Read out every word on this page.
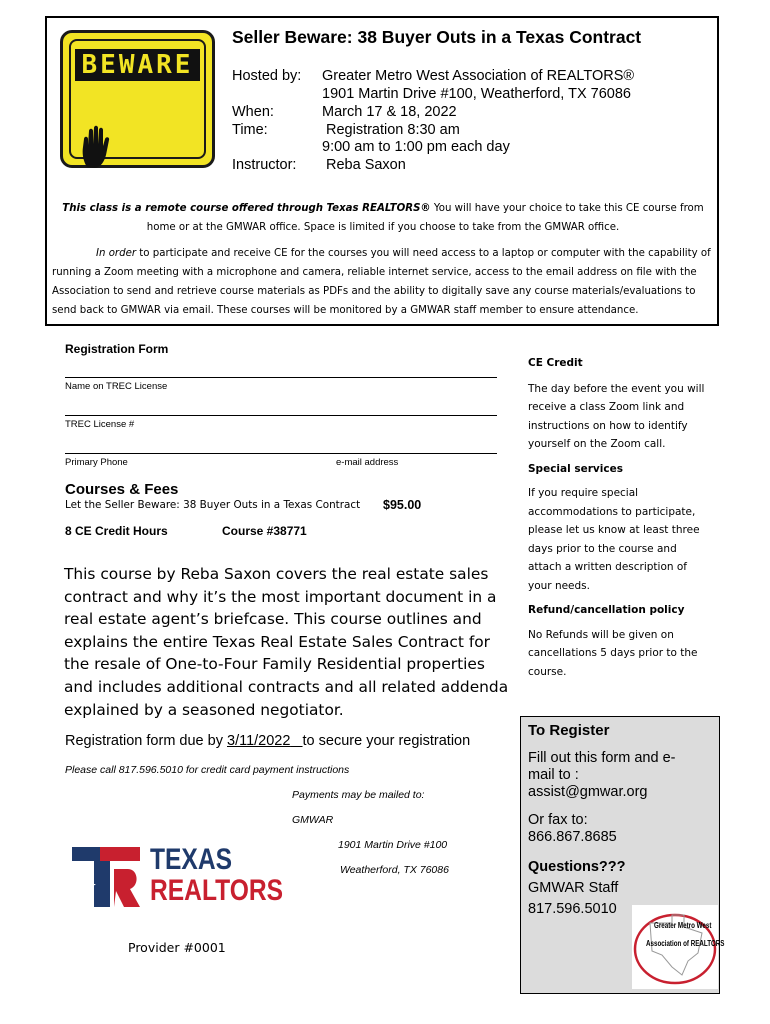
BEWARE
Seller Beware: 38 Buyer Outs in a Texas Contract
Hosted by: Greater Metro West Association of REALTORS®
1901 Martin Drive #100, Weatherford, TX 76086
When:	March 17 & 18, 2022
Time:	Registration 8:30 am
9:00 am to 1:00 pm each day
Instructor: Reba Saxon
This class is a remote course offered through Texas REALTORS® You will have your choice to take this CE course from home or at the GMWAR office. Space is limited if you choose to take from the GMWAR office.
In order to participate and receive CE for the courses you will need access to a laptop or computer with the capability of running a Zoom meeting with a microphone and camera, reliable internet service, access to the email address on file with the Association to send and retrieve course materials as PDFs and the ability to digitally save any course materials/evaluations to send back to GMWAR via email. These courses will be monitored by a GMWAR staff member to ensure attendance.
Registration Form
Name on TREC License
TREC License #
Primary Phone	e-mail address
Courses & Fees
Let the Seller Beware: 38 Buyer Outs in a Texas Contract $95.00
8 CE Credit Hours	Course #38771
This course by Reba Saxon covers the real estate sales contract and why it’s the most important document in a real estate agent’s briefcase. This course outlines and explains the entire Texas Real Estate Sales Contract for the resale of One-to-Four Family Residential properties and includes additional contracts and all related addenda explained by a seasoned negotiator.
Registration form due by 3/11/2022 to secure your registration
Please call 817.596.5010 for credit card payment instructions
Payments may be mailed to:
GMWAR
1901 Martin Drive #100
Weatherford, TX 76086
TEXAS
REALTORS
Provider #0001
CE Credit
The day before the event you will receive a class Zoom link and instructions on how to identify yourself on the Zoom call.
Special services
If you require special accommodations to participate, please let us know at least three days prior to the course and attach a written description of your needs.
Refund/cancellation policy
No Refunds will be given on cancellations 5 days prior to the course.
To Register
Fill out this form and e-mail to :
assist@gmwar.org
Or fax to:
866.867.8685
Questions???
GMWAR Staff
817.596.5010
Greater Metro West
Association of REALTORS
